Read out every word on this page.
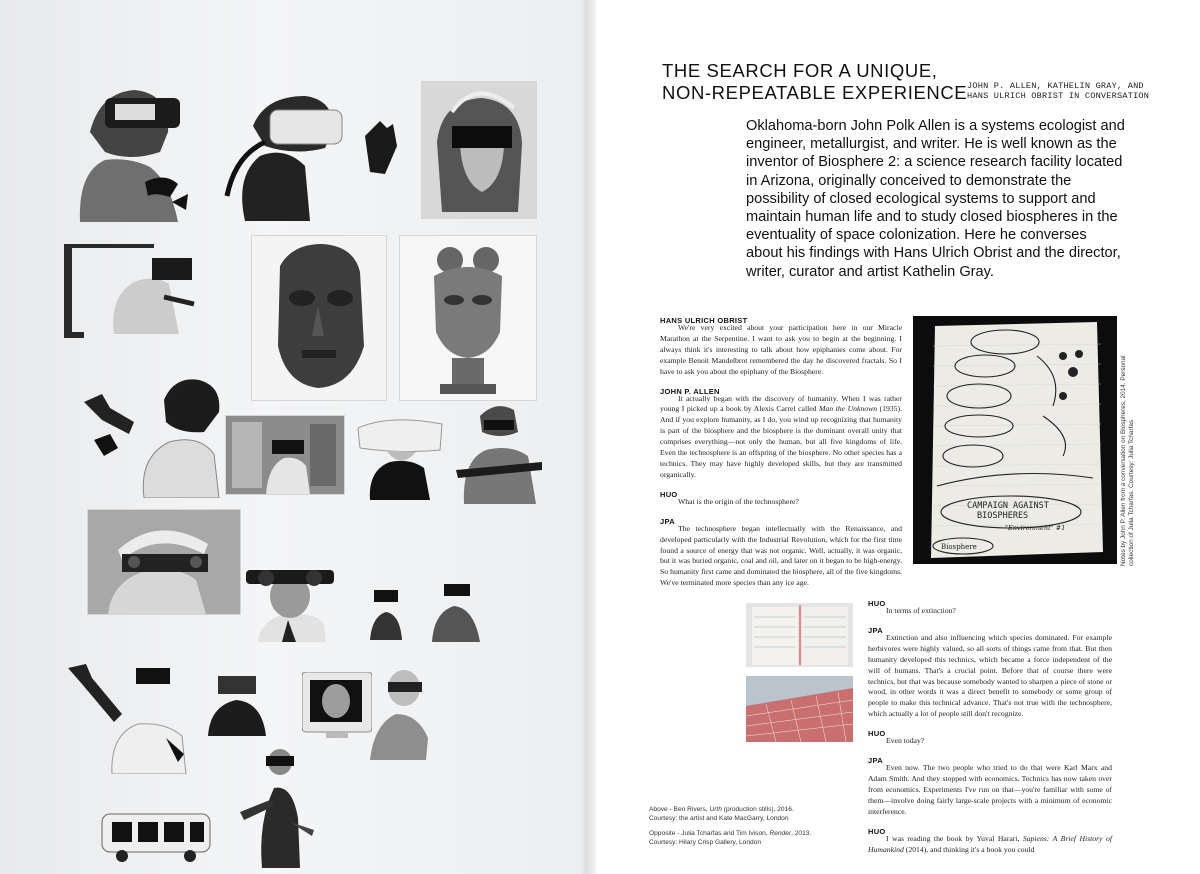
THE SEARCH FOR A UNIQUE,
NON-REPEATABLE EXPERIENCE JOHN P. ALLEN, KATHELIN GRAY, AND
HANS ULRICH OBRIST IN CONVERSATION
Oklahoma-born John Polk Allen is a systems ecologist and engineer, metallurgist, and writer. He is well known as the inventor of Biosphere 2: a science research facility located in Arizona, originally conceived to demonstrate the possibility of closed ecological systems to support and maintain human life and to study closed biospheres in the eventuality of space colonization. Here he converses about his findings with Hans Ulrich Obrist and the director, writer, curator and artist Kathelin Gray.

HANS ULRICH OBRIST
We're very excited about your participation here in our Miracle Marathon at the Serpentine. I want to ask you to begin at the beginning. I always think it's interesting to talk about how epiphanies come about. For example Benoit Mandelbrot remembered the day he discovered fractals. So I have to ask you about the epiphany of the Biosphere.

JOHN P. ALLEN
It actually began with the discovery of humanity. When I was rather young I picked up a book by Alexis Carrel called Man the Unknown (1935). And if you explore humanity, as I do, you wind up recognizing that humanity is part of the biosphere and the biosphere is the dominant overall unity that comprises everything—not only the human, but all five kingdoms of life. Even the technosphere is an offspring of the biosphere. No other species has a technics. They may have highly developed skills, but they are transmitted organically.

HUO
What is the origin of the technosphere?

JPA
The technosphere began intellectually with the Renaissance, and developed particularly with the Industrial Revolution, which for the first time found a source of energy that was not organic. Well, actually, it was organic, but it was buried organic, coal and oil, and later on it began to be high-energy. So humanity first came and dominated the biosphere, all of the five kingdoms. We've terminated more species than any ice age.

CAMPAIGN AGAINST
BIOSPHERES
"Environment" #1
Biosphere	Notes by John P. Allen from a conversation on Biospheres, 2014. Personal
collection of Julia Tcharfas. Courtesy: Julia Tcharfas

HUO
In terms of extinction?

JPA
Extinction and also influencing which species dominated. For example herbivores were highly valued, so all sorts of things came from that. But then humanity developed this technics, which became a force independent of the will of humans. That's a crucial point. Before that of course there were technics, but that was because somebody wanted to sharpen a piece of stone or wood, in other words it was a direct benefit to somebody or some group of people to make this technical advance. That's not true with the technosphere, which actually a lot of people still don't recognize.

HUO
Even today?

JPA
Even now. The two people who tried to do that were Karl Marx and Adam Smith. And they stopped with economics. Technics has now taken over from economics. Experiments I've run on that—you're familiar with some of them—involve doing fairly large-scale projects with a minimum of economic interference.

HUO
I was reading the book by Yuval Harari, Sapiens: A Brief History of Humankind (2014), and thinking it's a book you could

Above - Ben Rivers, Urth (production stills), 2016.
Courtesy: the artist and Kate MacGarry, London
Opposite - Julia Tcharfas and Tim Ivison, Render, 2013.
Courtesy: Hilary Crisp Gallery, London
